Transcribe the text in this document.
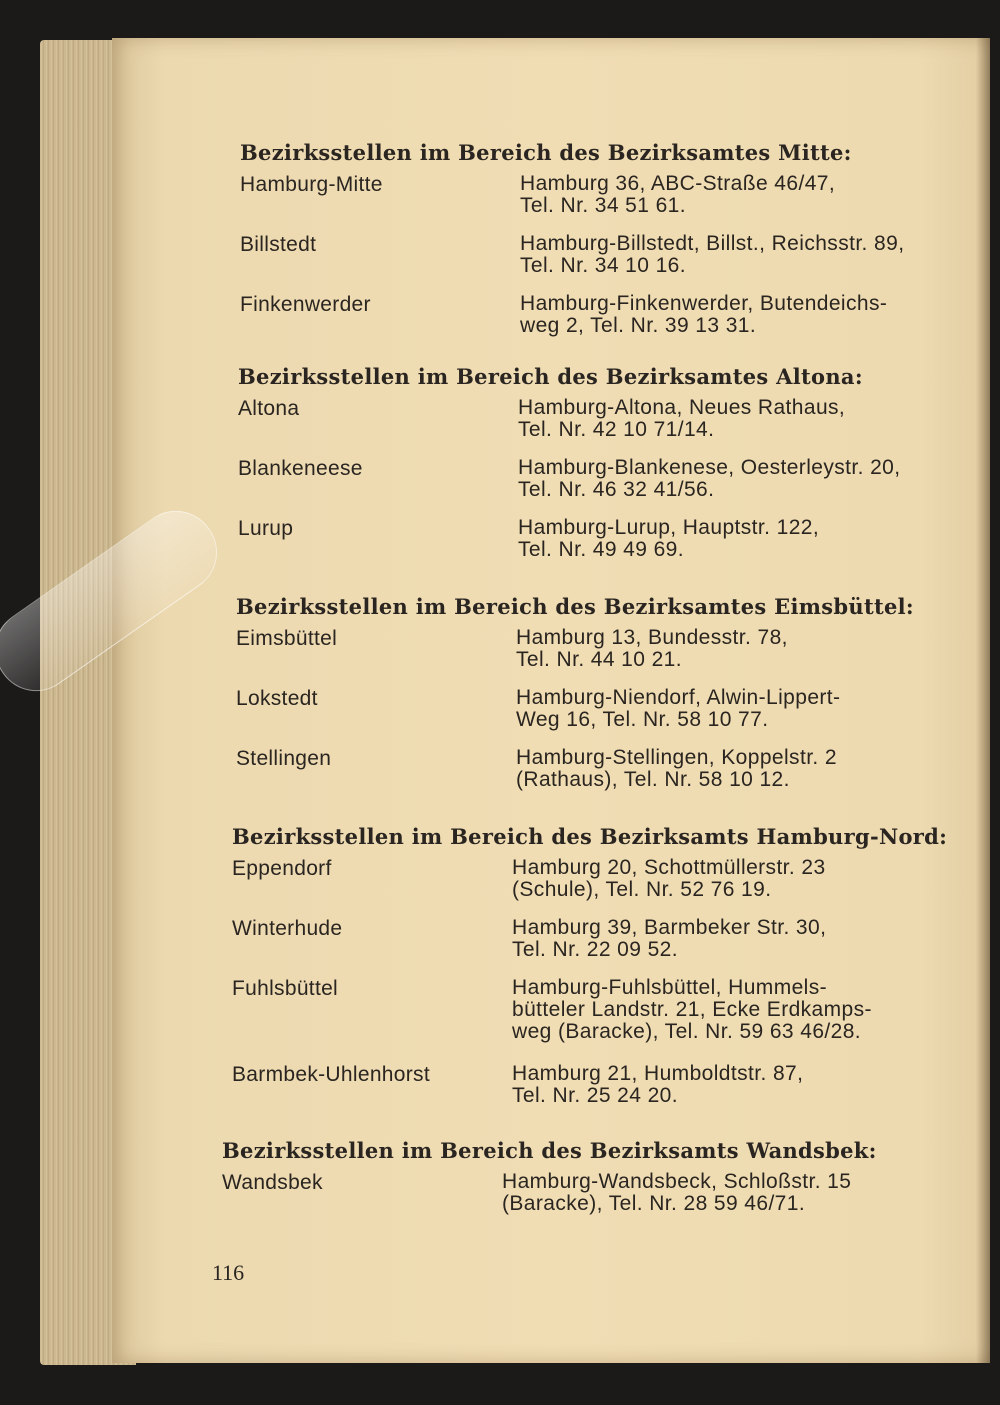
Bezirksstellen im Bereich des Bezirksamtes Mitte:
Hamburg-Mitte	Hamburg 36, ABC-Straße 46/47,
Tel. Nr. 34 51 61.
Billstedt	Hamburg-Billstedt, Billst., Reichsstr. 89,
Tel. Nr. 34 10 16.
Finkenwerder	Hamburg-Finkenwerder, Butendeichs-
weg 2, Tel. Nr. 39 13 31.
Bezirksstellen im Bereich des Bezirksamtes Altona:
Altona	Hamburg-Altona, Neues Rathaus,
Tel. Nr. 42 10 71/14.
Blankeneese	Hamburg-Blankenese, Oesterleystr. 20,
Tel. Nr. 46 32 41/56.
Lurup	Hamburg-Lurup, Hauptstr. 122,
Tel. Nr. 49 49 69.
Bezirksstellen im Bereich des Bezirksamtes Eimsbüttel:
Eimsbüttel	Hamburg 13, Bundesstr. 78,
Tel. Nr. 44 10 21.
Lokstedt	Hamburg-Niendorf, Alwin-Lippert-
Weg 16, Tel. Nr. 58 10 77.
Stellingen	Hamburg-Stellingen, Koppelstr. 2
(Rathaus), Tel. Nr. 58 10 12.
Bezirksstellen im Bereich des Bezirksamts Hamburg-Nord:
Eppendorf	Hamburg 20, Schottmüllerstr. 23
(Schule), Tel. Nr. 52 76 19.
Winterhude	Hamburg 39, Barmbeker Str. 30,
Tel. Nr. 22 09 52.
Fuhlsbüttel	Hamburg-Fuhlsbüttel, Hummels-
bütteler Landstr. 21, Ecke Erdkamps-
weg (Baracke), Tel. Nr. 59 63 46/28.
Barmbek-Uhlenhorst	Hamburg 21, Humboldtstr. 87,
Tel. Nr. 25 24 20.
Bezirksstellen im Bereich des Bezirksamts Wandsbek:
Wandsbek	Hamburg-Wandsbeck, Schloßstr. 15
(Baracke), Tel. Nr. 28 59 46/71.
116
